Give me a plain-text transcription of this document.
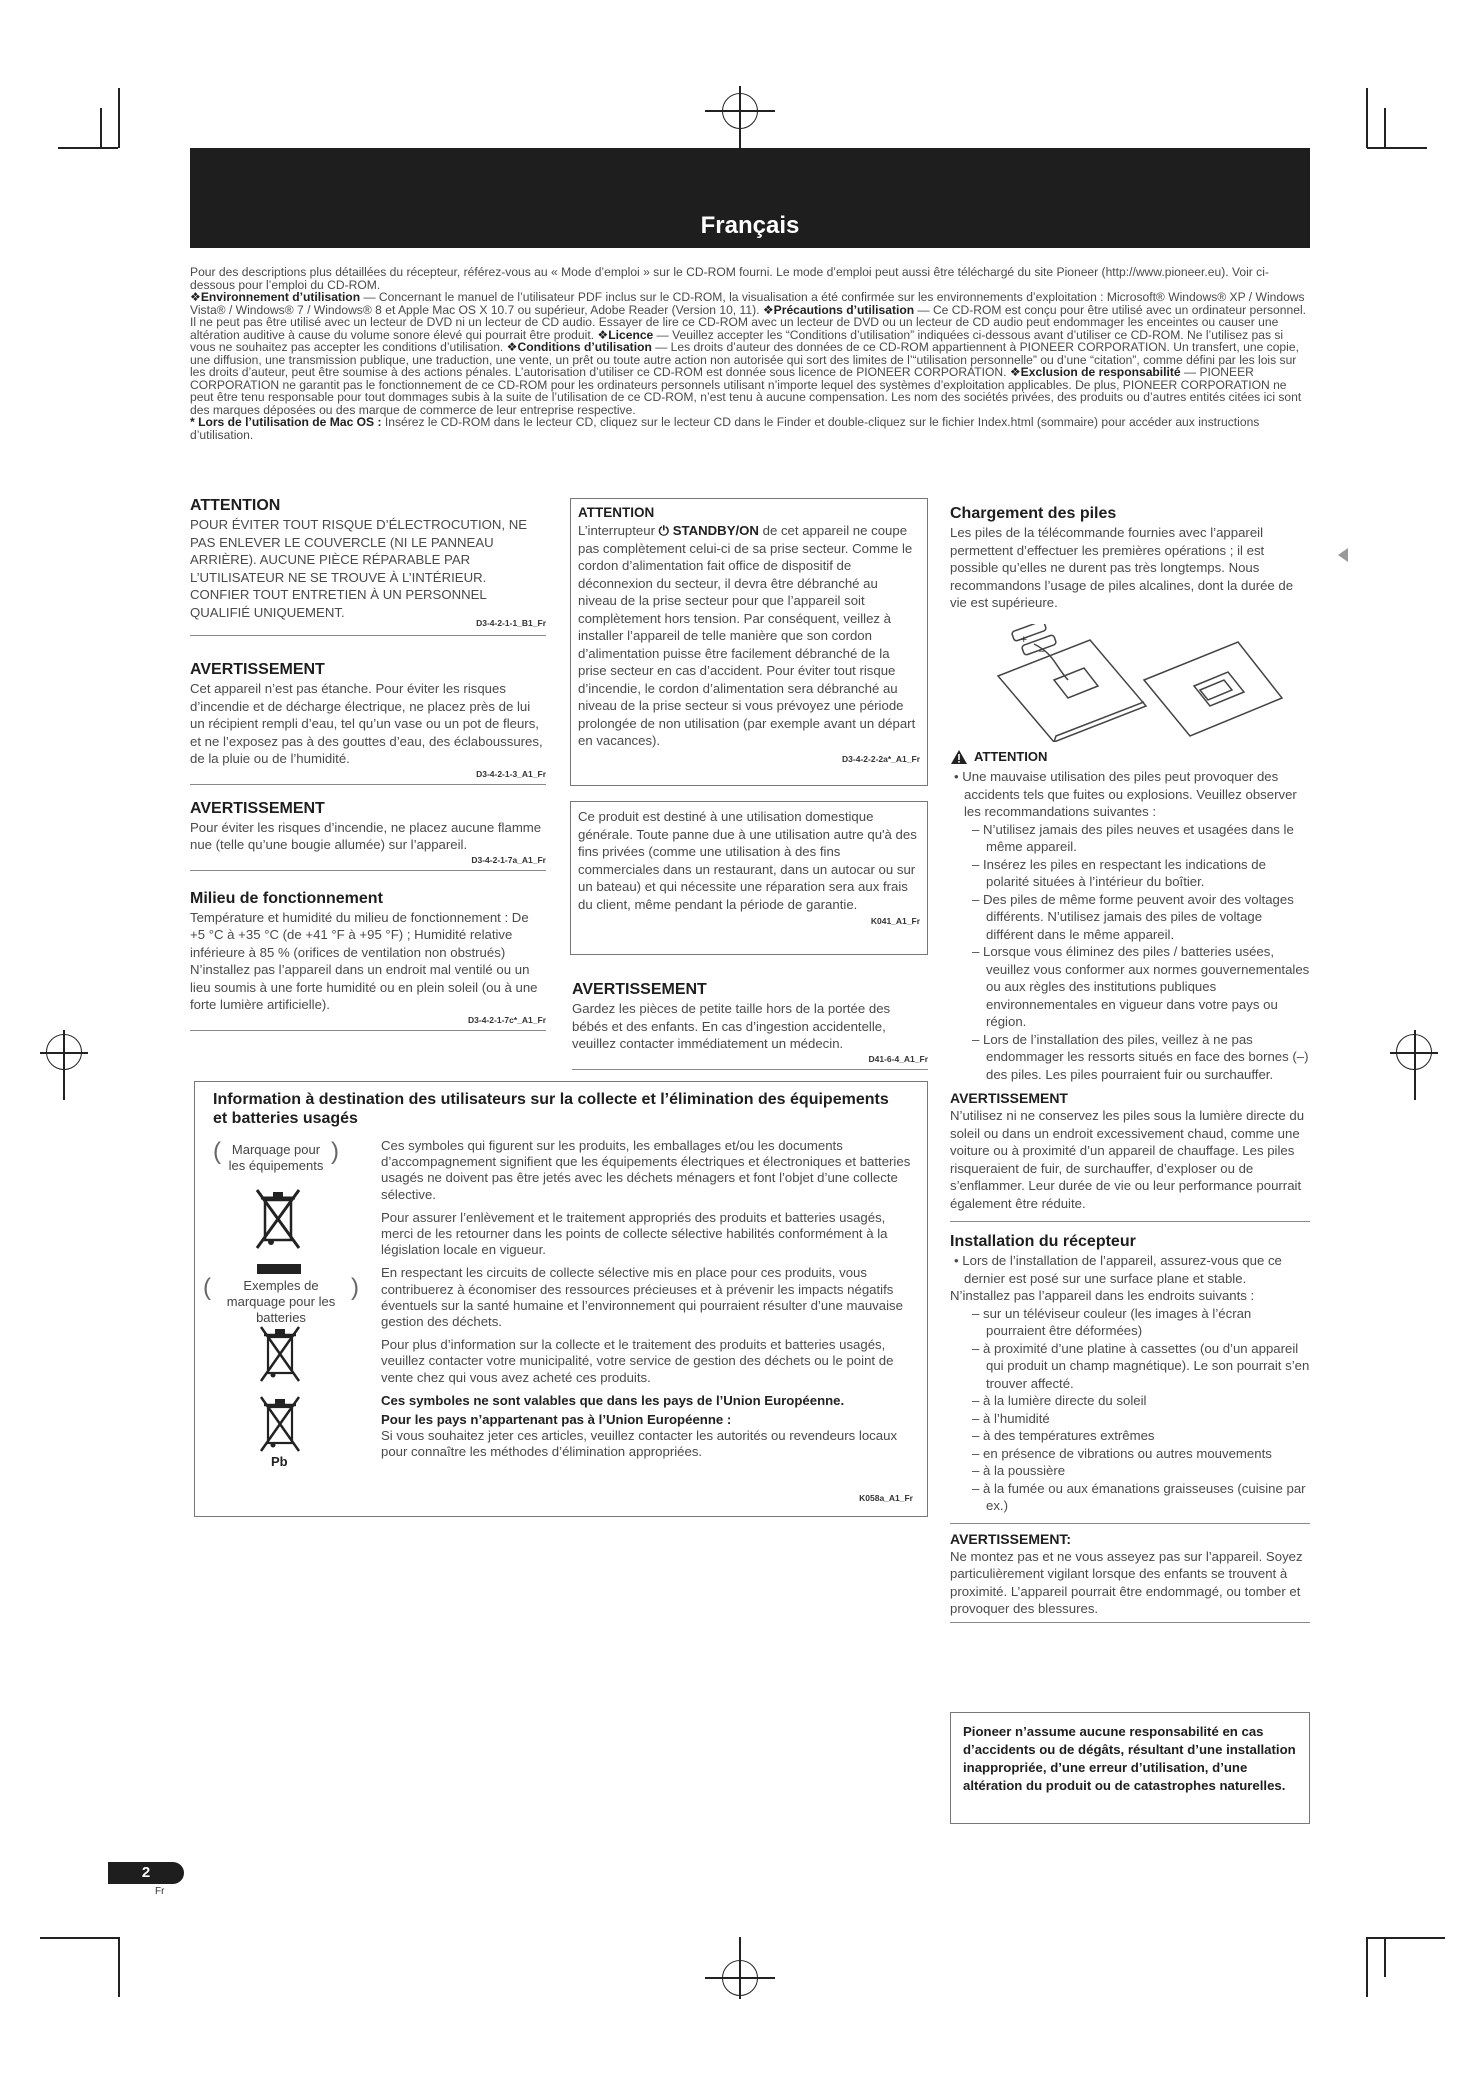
Français

Pour des descriptions plus détaillées du récepteur, référez-vous au « Mode d’emploi » sur le CD-ROM fourni. Le mode d’emploi peut aussi être téléchargé du site Pioneer (http://www.pioneer.eu). Voir ci-dessous pour l’emploi du CD-ROM.

❖Environnement d’utilisation — Concernant le manuel de l’utilisateur PDF inclus sur le CD-ROM, la visualisation a été confirmée sur les environnements d’exploitation : Microsoft® Windows® XP / Windows Vista® / Windows® 7 / Windows® 8 et Apple Mac OS X 10.7 ou supérieur, Adobe Reader (Version 10, 11). ❖Précautions d’utilisation — Ce CD-ROM est conçu pour être utilisé avec un ordinateur personnel. Il ne peut pas être utilisé avec un lecteur de DVD ni un lecteur de CD audio. Essayer de lire ce CD-ROM avec un lecteur de DVD ou un lecteur de CD audio peut endommager les enceintes ou causer une altération auditive à cause du volume sonore élevé qui pourrait être produit. ❖Licence — Veuillez accepter les “Conditions d’utilisation” indiquées ci-dessous avant d’utiliser ce CD-ROM. Ne l’utilisez pas si vous ne souhaitez pas accepter les conditions d’utilisation. ❖Conditions d’utilisation — Les droits d’auteur des données de ce CD-ROM appartiennent à PIONEER CORPORATION. Un transfert, une copie, une diffusion, une transmission publique, une traduction, une vente, un prêt ou toute autre action non autorisée qui sort des limites de l’“utilisation personnelle” ou d’une “citation”, comme défini par les lois sur les droits d’auteur, peut être soumise à des actions pénales. L’autorisation d’utiliser ce CD-ROM est donnée sous licence de PIONEER CORPORATION. ❖Exclusion de responsabilité — PIONEER CORPORATION ne garantit pas le fonctionnement de ce CD-ROM pour les ordinateurs personnels utilisant n’importe lequel des systèmes d’exploitation applicables. De plus, PIONEER CORPORATION ne peut être tenu responsable pour tout dommages subis à la suite de l’utilisation de ce CD-ROM, n’est tenu à aucune compensation. Les nom des sociétés privées, des produits ou d’autres entités citées ici sont des marques déposées ou des marque de commerce de leur entreprise respective.

* Lors de l’utilisation de Mac OS : Insérez le CD-ROM dans le lecteur CD, cliquez sur le lecteur CD dans le Finder et double-cliquez sur le fichier Index.html (sommaire) pour accéder aux instructions d’utilisation.

ATTENTION

POUR ÉVITER TOUT RISQUE D’ÉLECTROCUTION, NE PAS ENLEVER LE COUVERCLE (NI LE PANNEAU ARRIÈRE). AUCUNE PIÈCE RÉPARABLE PAR L’UTILISATEUR NE SE TROUVE À L’INTÉRIEUR. CONFIER TOUT ENTRETIEN À UN PERSONNEL QUALIFIÉ UNIQUEMENT.

D3-4-2-1-1_B1_Fr
AVERTISSEMENT

Cet appareil n’est pas étanche. Pour éviter les risques d’incendie et de décharge électrique, ne placez près de lui un récipient rempli d’eau, tel qu’un vase ou un pot de fleurs, et ne l’exposez pas à des gouttes d’eau, des éclaboussures, de la pluie ou de l’humidité.

D3-4-2-1-3_A1_Fr
AVERTISSEMENT

Pour éviter les risques d’incendie, ne placez aucune flamme nue (telle qu’une bougie allumée) sur l’appareil.

D3-4-2-1-7a_A1_Fr
Milieu de fonctionnement

Température et humidité du milieu de fonctionnement : De +5 °C à +35 °C (de +41 °F à +95 °F) ; Humidité relative inférieure à 85 % (orifices de ventilation non obstrués)

N’installez pas l’appareil dans un endroit mal ventilé ou un lieu soumis à une forte humidité ou en plein soleil (ou à une forte lumière artificielle).

D3-4-2-1-7c*_A1_Fr
ATTENTION

L’interrupteur ⏻ STANDBY/ON de cet appareil ne coupe pas complètement celui-ci de sa prise secteur. Comme le cordon d’alimentation fait office de dispositif de déconnexion du secteur, il devra être débranché au niveau de la prise secteur pour que l’appareil soit complètement hors tension. Par conséquent, veillez à installer l’appareil de telle manière que son cordon d’alimentation puisse être facilement débranché de la prise secteur en cas d’accident. Pour éviter tout risque d’incendie, le cordon d’alimentation sera débranché au niveau de la prise secteur si vous prévoyez une période prolongée de non utilisation (par exemple avant un départ en vacances).

D3-4-2-2-2a*_A1_Fr

Ce produit est destiné à une utilisation domestique générale. Toute panne due à une utilisation autre qu'à des fins privées (comme une utilisation à des fins commerciales dans un restaurant, dans un autocar ou sur un bateau) et qui nécessite une réparation sera aux frais du client, même pendant la période de garantie.

K041_A1_Fr
AVERTISSEMENT

Gardez les pièces de petite taille hors de la portée des bébés et des enfants. En cas d’ingestion accidentelle, veuillez contacter immédiatement un médecin.

D41-6-4_A1_Fr
Information à destination des utilisateurs sur la collecte et l’élimination des équipements et batteries usagés
( Marquage pour les équipements
)
(	Exemples de marquage pour les batteries
)
Pb

Ces symboles qui figurent sur les produits, les emballages et/ou les documents d’accompagnement signifient que les équipements électriques et électroniques et batteries usagés ne doivent pas être jetés avec les déchets ménagers et font l’objet d’une collecte sélective.

Pour assurer l’enlèvement et le traitement appropriés des produits et batteries usagés, merci de les retourner dans les points de collecte sélective habilités conformément à la législation locale en vigueur.

En respectant les circuits de collecte sélective mis en place pour ces produits, vous contribuerez à économiser des ressources précieuses et à prévenir les impacts négatifs éventuels sur la santé humaine et l’environnement qui pourraient résulter d’une mauvaise gestion des déchets.

Pour plus d’information sur la collecte et le traitement des produits et batteries usagés, veuillez contacter votre municipalité, votre service de gestion des déchets ou le point de vente chez qui vous avez acheté ces produits.

Ces symboles ne sont valables que dans les pays de l’Union Européenne.

Pour les pays n’appartenant pas à l’Union Européenne :

Si vous souhaitez jeter ces articles, veuillez contacter les autorités ou revendeurs locaux pour connaître les méthodes d’élimination appropriées.

K058a_A1_Fr
Chargement des piles

Les piles de la télécommande fournies avec l’appareil permettent d’effectuer les premières opérations ; il est possible qu’elles ne durent pas très longtemps. Nous recommandons l’usage de piles alcalines, dont la durée de vie est supérieure.

+
−
ATTENTION

• Une mauvaise utilisation des piles peut provoquer des accidents tels que fuites ou explosions. Veuillez observer les recommandations suivantes :

– N’utilisez jamais des piles neuves et usagées dans le même appareil.

– Insérez les piles en respectant les indications de polarité situées à l’intérieur du boîtier.

– Des piles de même forme peuvent avoir des voltages différents. N’utilisez jamais des piles de voltage différent dans le même appareil.

– Lorsque vous éliminez des piles / batteries usées, veuillez vous conformer aux normes gouvernementales ou aux règles des institutions publiques environnementales en vigueur dans votre pays ou région.

– Lors de l’installation des piles, veillez à ne pas endommager les ressorts situés en face des bornes (–) des piles. Les piles pourraient fuir ou surchauffer.

AVERTISSEMENT

N’utilisez ni ne conservez les piles sous la lumière directe du soleil ou dans un endroit excessivement chaud, comme une voiture ou à proximité d’un appareil de chauffage. Les piles risqueraient de fuir, de surchauffer, d’exploser ou de s’enflammer. Leur durée de vie ou leur performance pourrait également être réduite.

Installation du récepteur

• Lors de l’installation de l’appareil, assurez-vous que ce dernier est posé sur une surface plane et stable.

N’installez pas l’appareil dans les endroits suivants :

– sur un téléviseur couleur (les images à l’écran pourraient être déformées)

– à proximité d’une platine à cassettes (ou d’un appareil qui produit un champ magnétique). Le son pourrait s’en trouver affecté.

– à la lumière directe du soleil

– à l’humidité

– à des températures extrêmes

– en présence de vibrations ou autres mouvements

– à la poussière

– à la fumée ou aux émanations graisseuses (cuisine par ex.)

AVERTISSEMENT:

Ne montez pas et ne vous asseyez pas sur l’appareil. Soyez particulièrement vigilant lorsque des enfants se trouvent à proximité. L’appareil pourrait être endommagé, ou tomber et provoquer des blessures.

Pioneer n’assume aucune responsabilité en cas d’accidents ou de dégâts, résultant d’une installation inappropriée, d’une erreur d’utilisation, d’une altération du produit ou de catastrophes naturelles.

2
Fr
